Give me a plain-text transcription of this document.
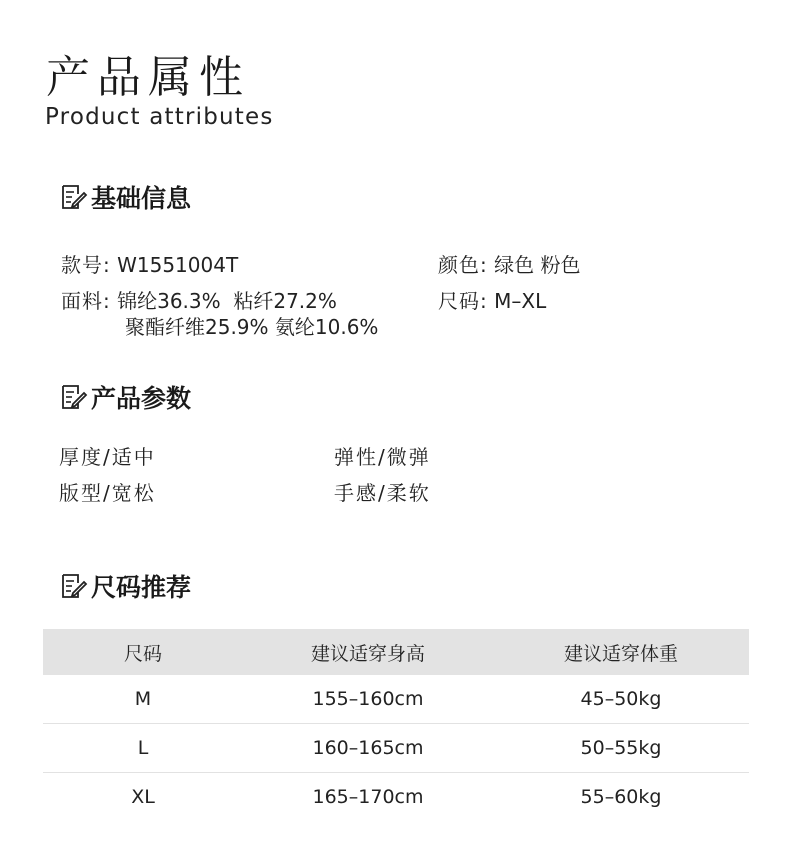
产品属性
Product attributes
基础信息
款号: W1551004T	颜色: 绿色 粉色
面料: 锦纶36.3%  粘纤27.2%
聚酯纤维25.9% 氨纶10.6%
尺码: M–XL
产品参数
厚度/适中	弹性/微弹
版型/宽松	手感/柔软
尺码推荐
尺码	建议适穿身高	建议适穿体重
M	155–160cm	45–50kg
L	160–165cm	50–55kg
XL	165–170cm	55–60kg
